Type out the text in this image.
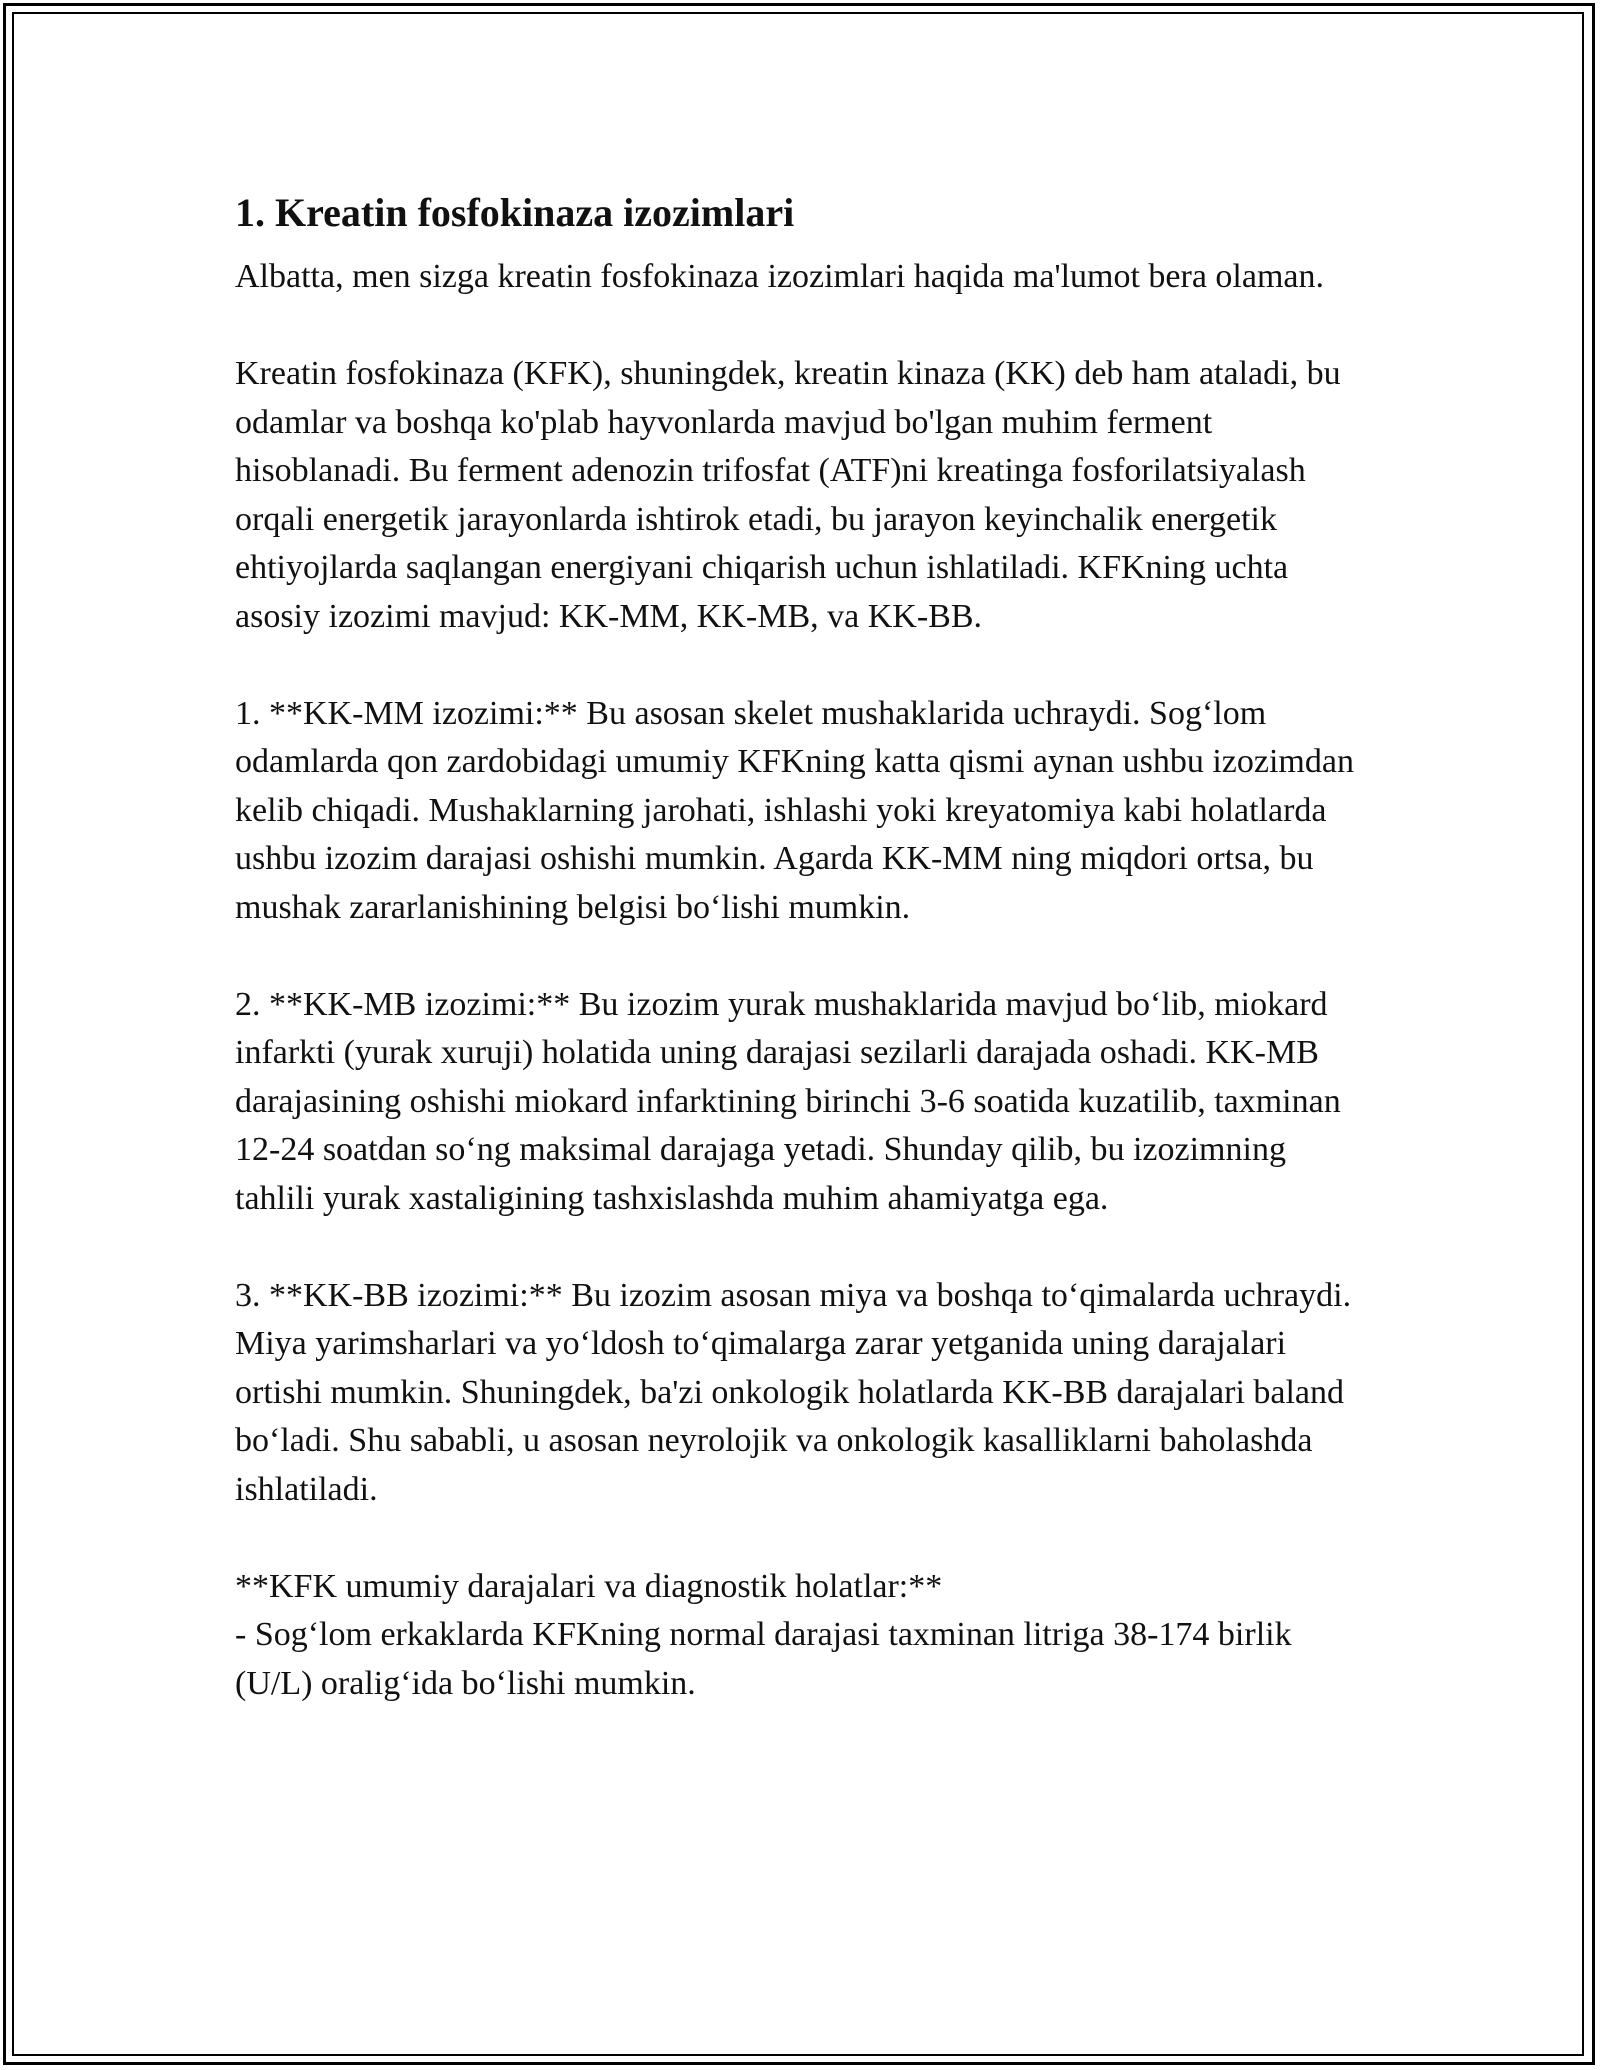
1. Kreatin fosfokinaza izozimlari

Albatta, men sizga kreatin fosfokinaza izozimlari haqida ma'lumot bera olaman.

Kreatin fosfokinaza (KFK), shuningdek, kreatin kinaza (KK) deb ham ataladi, bu odamlar va boshqa ko'plab hayvonlarda mavjud bo'lgan muhim ferment hisoblanadi. Bu ferment adenozin trifosfat (ATF)ni kreatinga fosforilatsiyalash orqali energetik jarayonlarda ishtirok etadi, bu jarayon keyinchalik energetik ehtiyojlarda saqlangan energiyani chiqarish uchun ishlatiladi. KFKning uchta asosiy izozimi mavjud: KK-MM, KK-MB, va KK-BB.

1. **KK-MM izozimi:** Bu asosan skelet mushaklarida uchraydi. Sog‘lom odamlarda qon zardobidagi umumiy KFKning katta qismi aynan ushbu izozimdan kelib chiqadi. Mushaklarning jarohati, ishlashi yoki kreyatomiya kabi holatlarda ushbu izozim darajasi oshishi mumkin. Agarda KK-MM ning miqdori ortsa, bu mushak zararlanishining belgisi bo‘lishi mumkin.

2. **KK-MB izozimi:** Bu izozim yurak mushaklarida mavjud bo‘lib, miokard infarkti (yurak xuruji) holatida uning darajasi sezilarli darajada oshadi. KK-MB darajasining oshishi miokard infarktining birinchi 3-6 soatida kuzatilib, taxminan 12-24 soatdan so‘ng maksimal darajaga yetadi. Shunday qilib, bu izozimning tahlili yurak xastaligining tashxislashda muhim ahamiyatga ega.

3. **KK-BB izozimi:** Bu izozim asosan miya va boshqa to‘qimalarda uchraydi. Miya yarimsharlari va yo‘ldosh to‘qimalarga zarar yetganida uning darajalari ortishi mumkin. Shuningdek, ba'zi onkologik holatlarda KK-BB darajalari baland bo‘ladi. Shu sababli, u asosan neyrolojik va onkologik kasalliklarni baholashda ishlatiladi.

**KFK umumiy darajalari va diagnostik holatlar:**

- Sog‘lom erkaklarda KFKning normal darajasi taxminan litriga 38-174 birlik (U/L) oralig‘ida bo‘lishi mumkin.
